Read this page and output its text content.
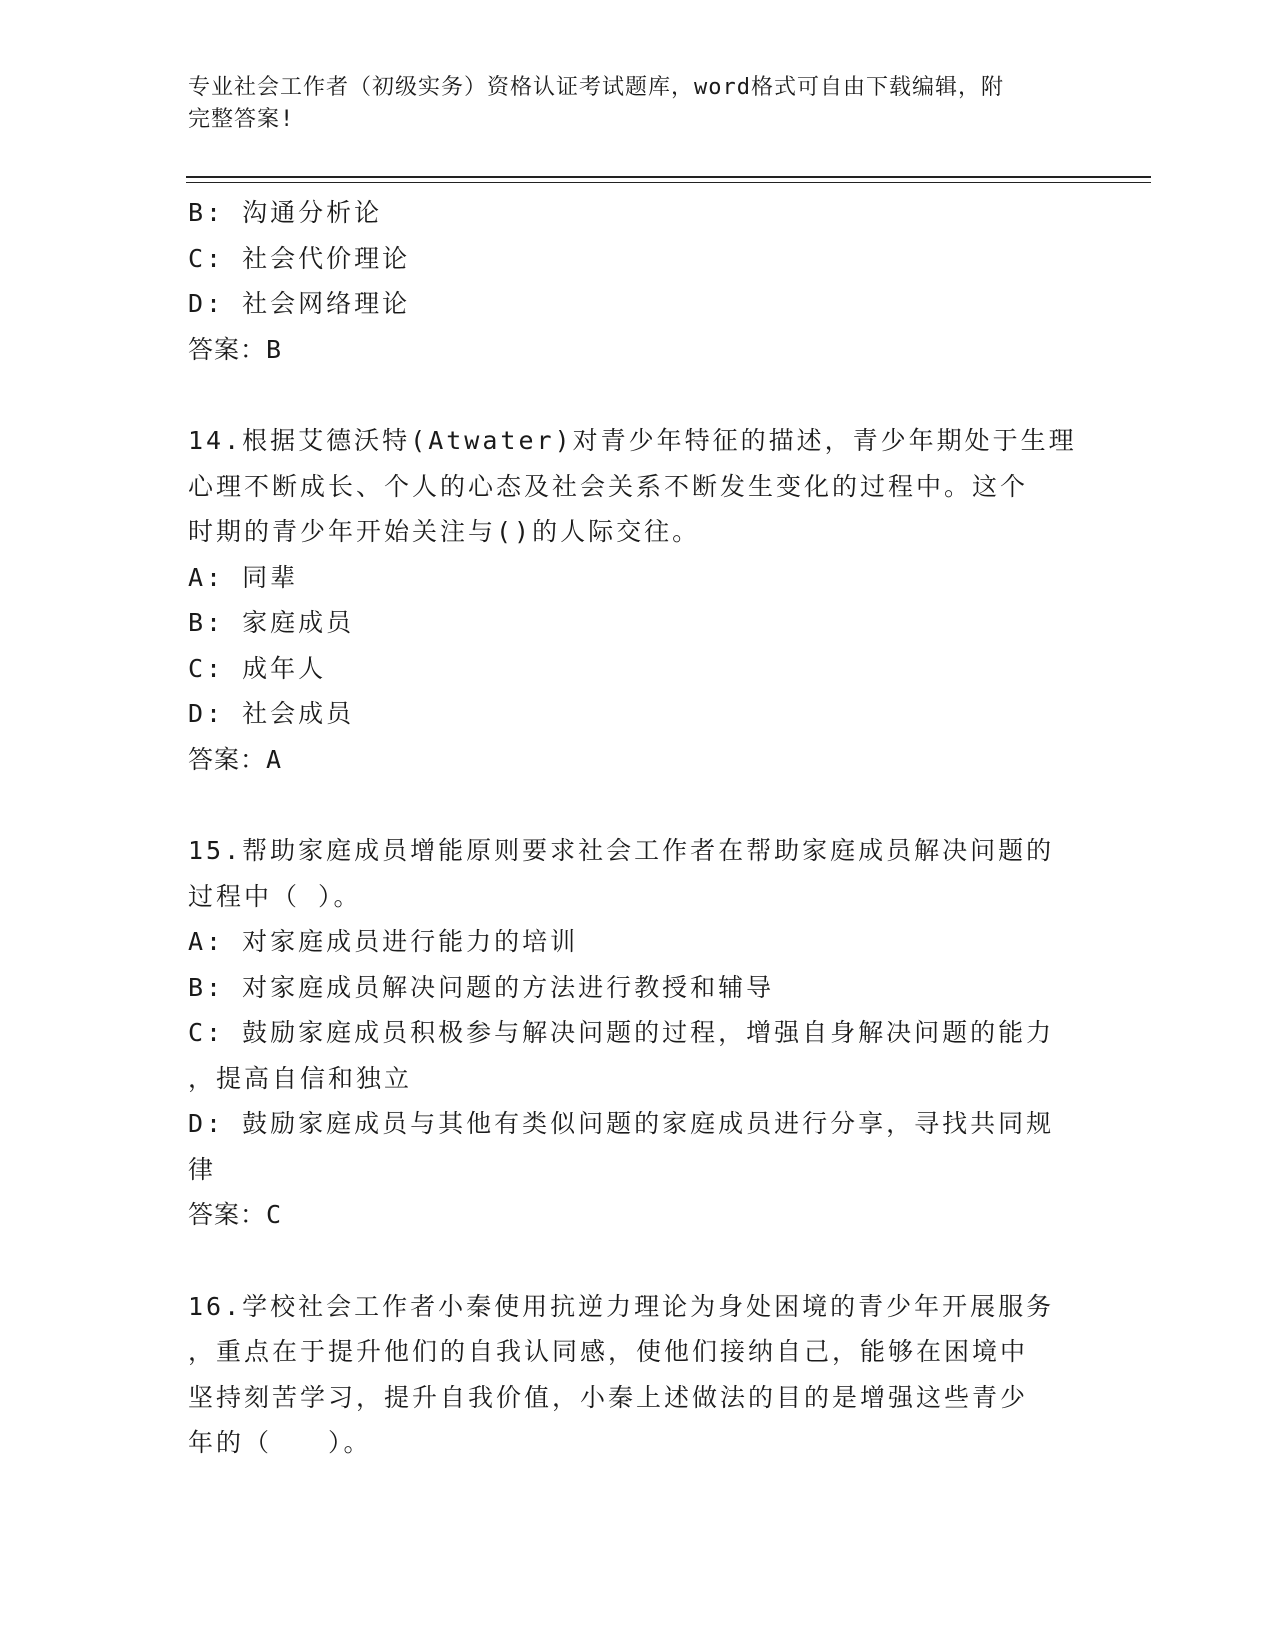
专业社会工作者（初级实务）资格认证考试题库，word格式可自由下载编辑，附
完整答案!
B: 沟通分析论
C: 社会代价理论
D: 社会网络理论
答案：B
14.根据艾德沃特(Atwater)对青少年特征的描述，青少年期处于生理
心理不断成长、个人的心态及社会关系不断发生变化的过程中。这个
时期的青少年开始关注与()的人际交往。
A: 同辈
B: 家庭成员
C: 成年人
D: 社会成员
答案：A
15.帮助家庭成员增能原则要求社会工作者在帮助家庭成员解决问题的
过程中（ ）。
A: 对家庭成员进行能力的培训
B: 对家庭成员解决问题的方法进行教授和辅导
C: 鼓励家庭成员积极参与解决问题的过程，增强自身解决问题的能力
，提高自信和独立
D: 鼓励家庭成员与其他有类似问题的家庭成员进行分享，寻找共同规
律
答案：C
16.学校社会工作者小秦使用抗逆力理论为身处困境的青少年开展服务
，重点在于提升他们的自我认同感，使他们接纳自己，能够在困境中
坚持刻苦学习，提升自我价值，小秦上述做法的目的是增强这些青少
年的（　　）。
